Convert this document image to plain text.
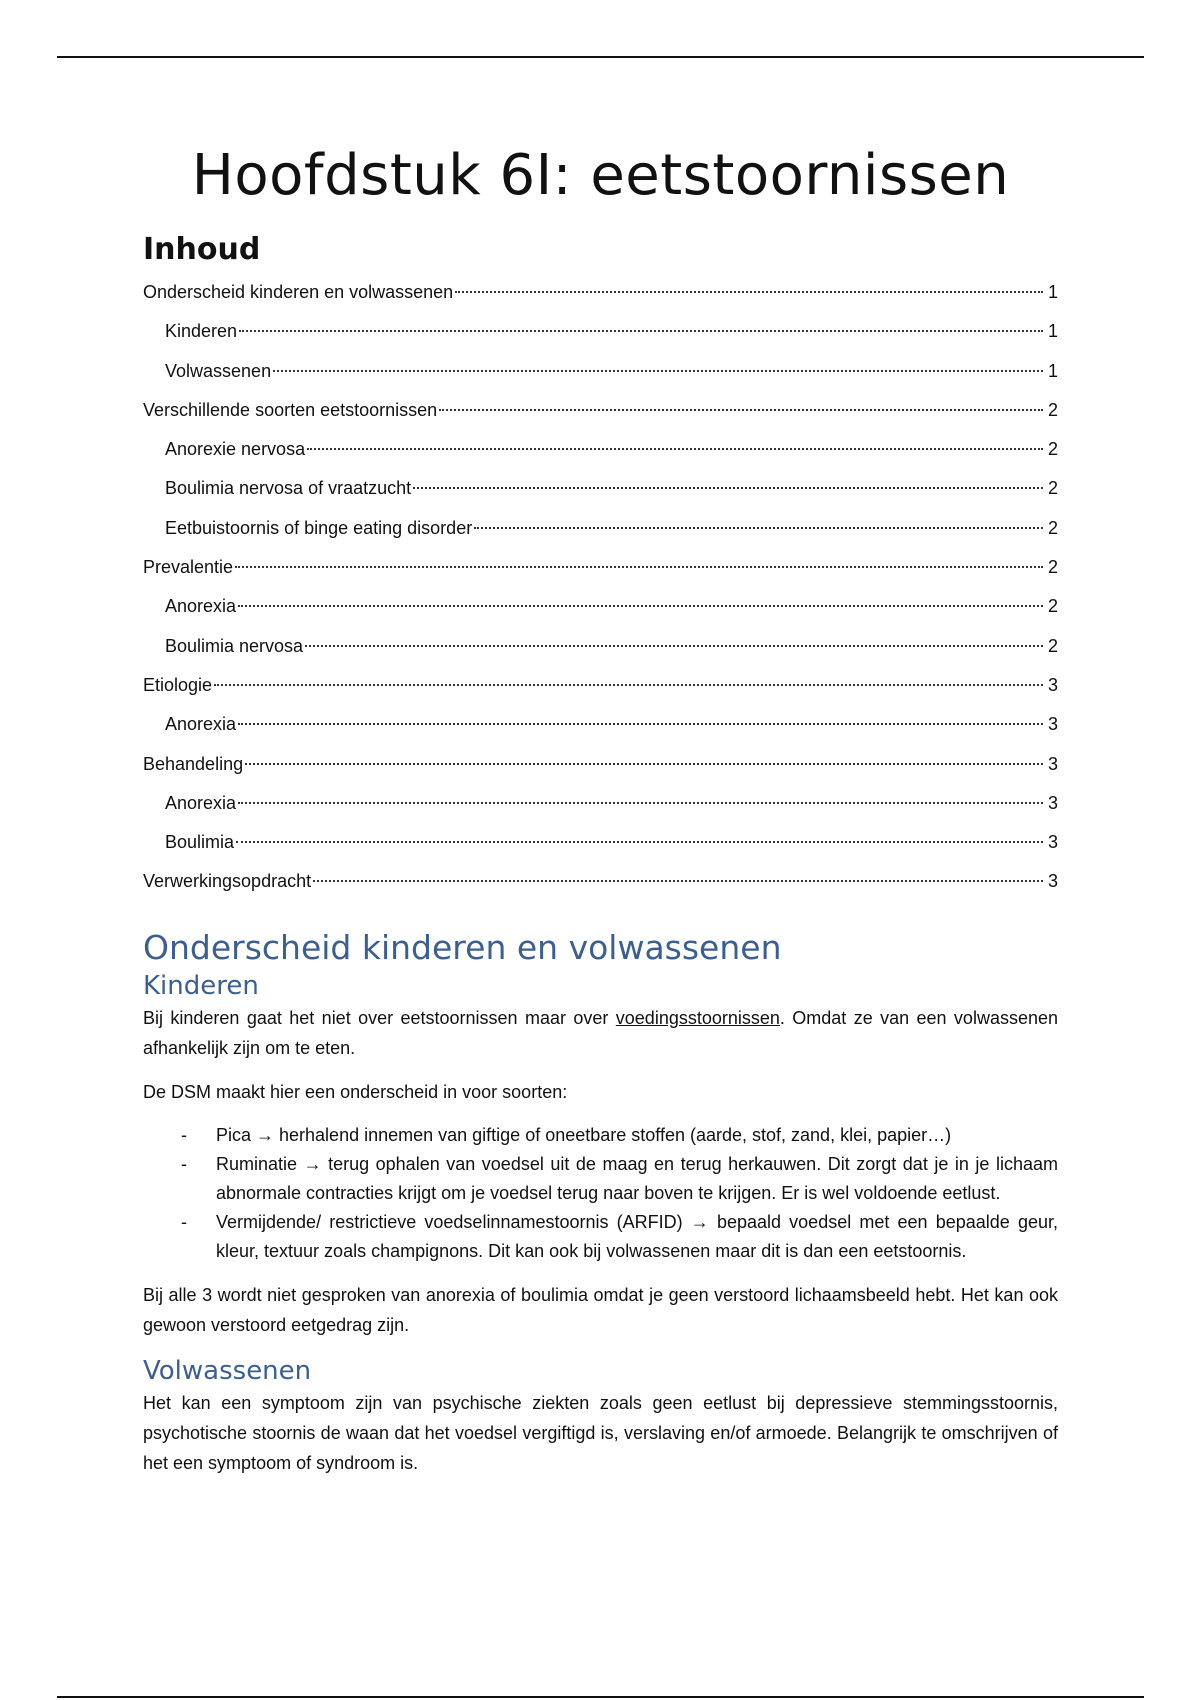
Hoofdstuk 6I: eetstoornissen
Inhoud
Onderscheid kinderen en volwassenen	1
Kinderen	1
Volwassenen	1
Verschillende soorten eetstoornissen	2
Anorexie nervosa	2
Boulimia nervosa of vraatzucht	2
Eetbuistoornis of binge eating disorder	2
Prevalentie	2
Anorexia	2
Boulimia nervosa	2
Etiologie	3
Anorexia	3
Behandeling	3
Anorexia	3
Boulimia	3
Verwerkingsopdracht	3
Onderscheid kinderen en volwassenen
Kinderen

Bij kinderen gaat het niet over eetstoornissen maar over voedingsstoornissen. Omdat ze van een volwassenen afhankelijk zijn om te eten.

De DSM maakt hier een onderscheid in voor soorten:

- Pica → herhalend innemen van giftige of oneetbare stoffen (aarde, stof, zand, klei, papier…)
- Ruminatie → terug ophalen van voedsel uit de maag en terug herkauwen. Dit zorgt dat je in je lichaam abnormale contracties krijgt om je voedsel terug naar boven te krijgen. Er is wel voldoende eetlust.
- Vermijdende/ restrictieve voedselinnamestoornis (ARFID) → bepaald voedsel met een bepaalde geur, kleur, textuur zoals champignons. Dit kan ook bij volwassenen maar dit is dan een eetstoornis.

Bij alle 3 wordt niet gesproken van anorexia of boulimia omdat je geen verstoord lichaamsbeeld hebt. Het kan ook gewoon verstoord eetgedrag zijn.

Volwassenen

Het kan een symptoom zijn van psychische ziekten zoals geen eetlust bij depressieve stemmingsstoornis, psychotische stoornis de waan dat het voedsel vergiftigd is, verslaving en/of armoede. Belangrijk te omschrijven of het een symptoom of syndroom is.
